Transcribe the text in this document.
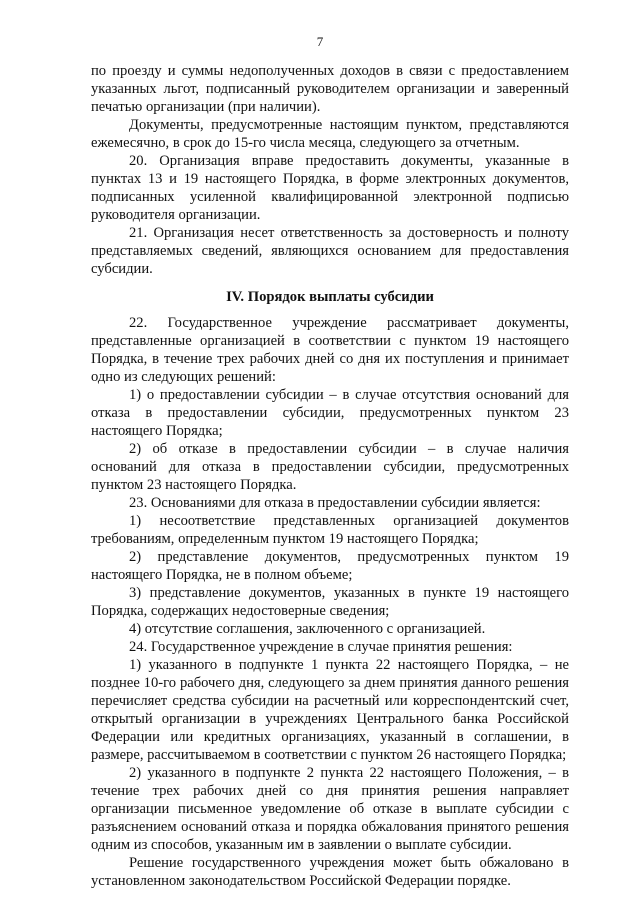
7

по проезду и суммы недополученных доходов в связи с предоставлением указанных льгот, подписанный руководителем организации и заверенный печатью организации (при наличии).

Документы, предусмотренные настоящим пунктом, представляются ежемесячно, в срок до 15-го числа месяца, следующего за отчетным.

20. Организация вправе предоставить документы, указанные в пунктах 13 и 19 настоящего Порядка, в форме электронных документов, подписанных усиленной квалифицированной электронной подписью руководителя организации.

21. Организация несет ответственность за достоверность и полноту представляемых сведений, являющихся основанием для предоставления субсидии.

IV. Порядок выплаты субсидии

22. Государственное учреждение рассматривает документы, представленные организацией в соответствии с пунктом 19 настоящего Порядка, в течение трех рабочих дней со дня их поступления и принимает одно из следующих решений:

1) о предоставлении субсидии – в случае отсутствия оснований для отказа в предоставлении субсидии, предусмотренных пунктом 23 настоящего Порядка;

2) об отказе в предоставлении субсидии – в случае наличия оснований для отказа в предоставлении субсидии, предусмотренных пунктом 23 настоящего Порядка.

23. Основаниями для отказа в предоставлении субсидии является:

1) несоответствие представленных организацией документов требованиям, определенным пунктом 19 настоящего Порядка;

2) представление документов, предусмотренных пунктом 19 настоящего Порядка, не в полном объеме;

3) представление документов, указанных в пункте 19 настоящего Порядка, содержащих недостоверные сведения;

4) отсутствие соглашения, заключенного с организацией.

24. Государственное учреждение в случае принятия решения:

1) указанного в подпункте 1 пункта 22 настоящего Порядка, – не позднее 10-го рабочего дня, следующего за днем принятия данного решения перечисляет средства субсидии на расчетный или корреспондентский счет, открытый организации в учреждениях Центрального банка Российской Федерации или кредитных организациях, указанный в соглашении, в размере, рассчитываемом в соответствии с пунктом 26 настоящего Порядка;

2) указанного в подпункте 2 пункта 22 настоящего Положения, – в течение трех рабочих дней со дня принятия решения направляет организации письменное уведомление об отказе в выплате субсидии с разъяснением оснований отказа и порядка обжалования принятого решения одним из способов, указанным им в заявлении о выплате субсидии.

Решение государственного учреждения может быть обжаловано в установленном законодательством Российской Федерации порядке.
